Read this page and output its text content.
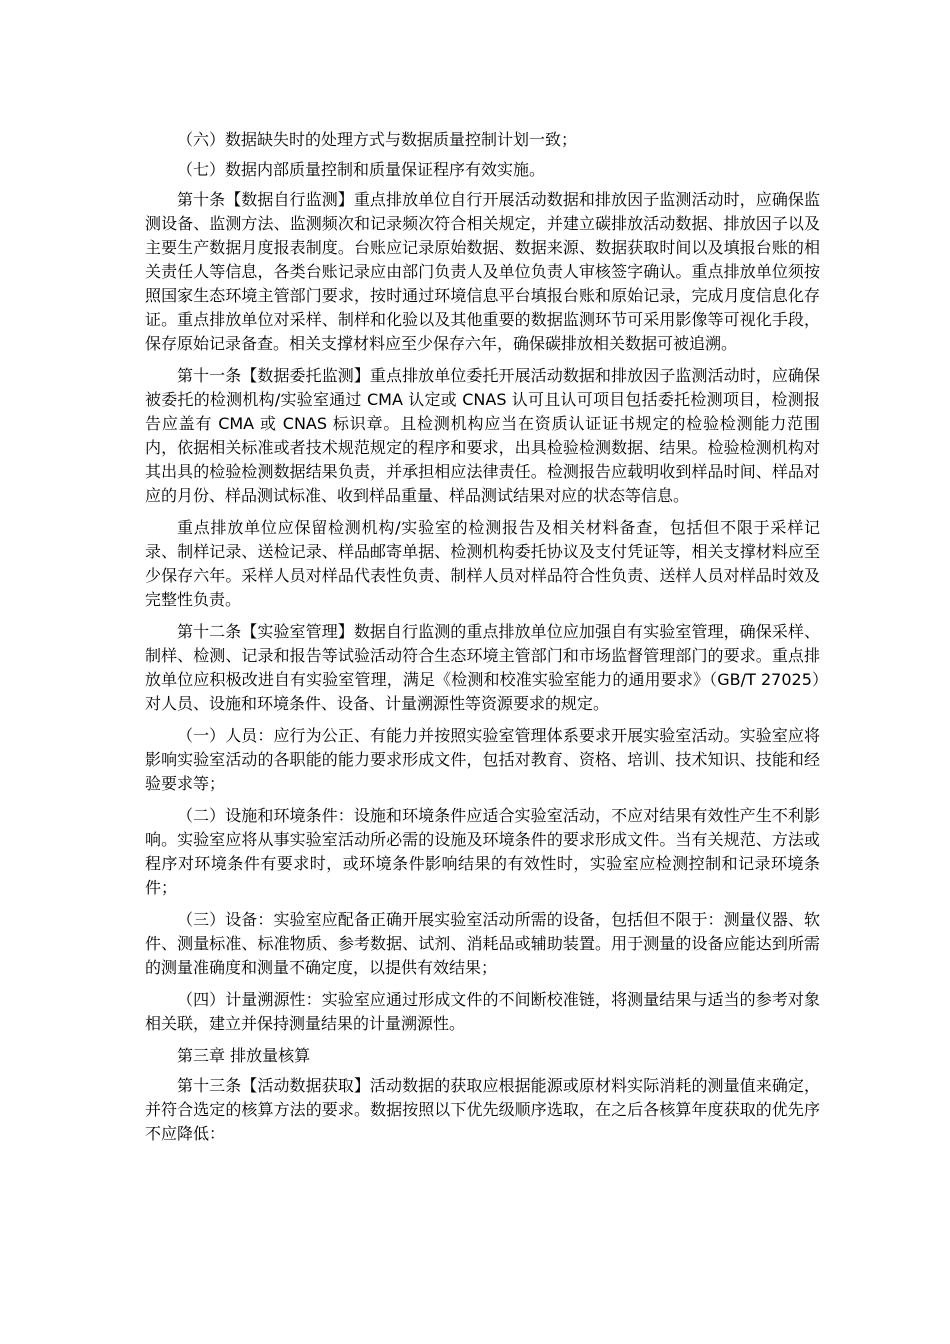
（六）数据缺失时的处理方式与数据质量控制计划一致；

（七）数据内部质量控制和质量保证程序有效实施。

第十条【数据自行监测】重点排放单位自行开展活动数据和排放因子监测活动时，应确保监测设备、监测方法、监测频次和记录频次符合相关规定，并建立碳排放活动数据、排放因子以及主要生产数据月度报表制度。台账应记录原始数据、数据来源、数据获取时间以及填报台账的相关责任人等信息，各类台账记录应由部门负责人及单位负责人审核签字确认。重点排放单位须按照国家生态环境主管部门要求，按时通过环境信息平台填报台账和原始记录，完成月度信息化存证。重点排放单位对采样、制样和化验以及其他重要的数据监测环节可采用影像等可视化手段，保存原始记录备查。相关支撑材料应至少保存六年，确保碳排放相关数据可被追溯。

第十一条【数据委托监测】重点排放单位委托开展活动数据和排放因子监测活动时，应确保被委托的检测机构/实验室通过 CMA 认定或 CNAS 认可且认可项目包括委托检测项目，检测报告应盖有 CMA 或 CNAS 标识章。且检测机构应当在资质认证证书规定的检验检测能力范围内，依据相关标准或者技术规范规定的程序和要求，出具检验检测数据、结果。检验检测机构对其出具的检验检测数据结果负责，并承担相应法律责任。检测报告应载明收到样品时间、样品对应的月份、样品测试标准、收到样品重量、样品测试结果对应的状态等信息。

重点排放单位应保留检测机构/实验室的检测报告及相关材料备查，包括但不限于采样记录、制样记录、送检记录、样品邮寄单据、检测机构委托协议及支付凭证等，相关支撑材料应至少保存六年。采样人员对样品代表性负责、制样人员对样品符合性负责、送样人员对样品时效及完整性负责。

第十二条【实验室管理】数据自行监测的重点排放单位应加强自有实验室管理，确保采样、制样、检测、记录和报告等试验活动符合生态环境主管部门和市场监督管理部门的要求。重点排放单位应积极改进自有实验室管理，满足《检测和校准实验室能力的通用要求》（GB/T 27025）对人员、设施和环境条件、设备、计量溯源性等资源要求的规定。

（一）人员：应行为公正、有能力并按照实验室管理体系要求开展实验室活动。实验室应将影响实验室活动的各职能的能力要求形成文件，包括对教育、资格、培训、技术知识、技能和经验要求等；

（二）设施和环境条件：设施和环境条件应适合实验室活动，不应对结果有效性产生不利影响。实验室应将从事实验室活动所必需的设施及环境条件的要求形成文件。当有关规范、方法或程序对环境条件有要求时，或环境条件影响结果的有效性时，实验室应检测控制和记录环境条件；

（三）设备：实验室应配备正确开展实验室活动所需的设备，包括但不限于：测量仪器、软件、测量标准、标准物质、参考数据、试剂、消耗品或辅助装置。用于测量的设备应能达到所需的测量准确度和测量不确定度，以提供有效结果；

（四）计量溯源性：实验室应通过形成文件的不间断校准链，将测量结果与适当的参考对象相关联，建立并保持测量结果的计量溯源性。

第三章 排放量核算

第十三条【活动数据获取】活动数据的获取应根据能源或原材料实际消耗的测量值来确定，并符合选定的核算方法的要求。数据按照以下优先级顺序选取，在之后各核算年度获取的优先序不应降低：
